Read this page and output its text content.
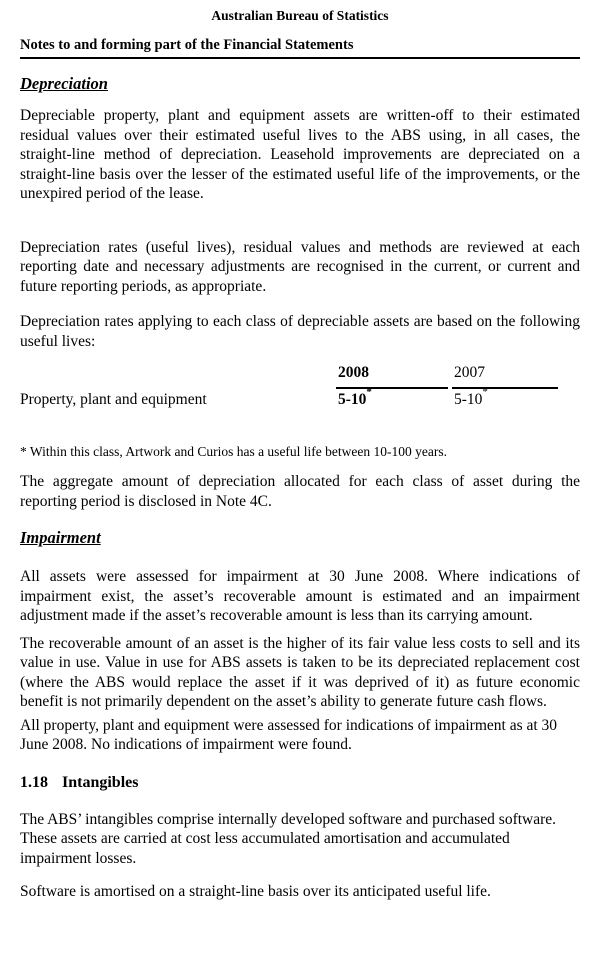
Australian Bureau of Statistics
Notes to and forming part of the Financial Statements
Depreciation

Depreciable property, plant and equipment assets are written-off to their estimated residual values over their estimated useful lives to the ABS using, in all cases, the straight-line method of depreciation. Leasehold improvements are depreciated on a straight-line basis over the lesser of the estimated useful life of the improvements, or the unexpired period of the lease.

Depreciation rates (useful lives), residual values and methods are reviewed at each reporting date and necessary adjustments are recognised in the current, or current and future reporting periods, as appropriate.

Depreciation rates applying to each class of depreciable assets are based on the following useful lives:

Property, plant and equipment
2008
5-10*
2007
5-10*

* Within this class, Artwork and Curios has a useful life between 10-100 years.

The aggregate amount of depreciation allocated for each class of asset during the reporting period is disclosed in Note 4C.

Impairment

All assets were assessed for impairment at 30 June 2008. Where indications of impairment exist, the asset’s recoverable amount is estimated and an impairment adjustment made if the asset’s recoverable amount is less than its carrying amount.

The recoverable amount of an asset is the higher of its fair value less costs to sell and its value in use. Value in use for ABS assets is taken to be its depreciated replacement cost (where the ABS would replace the asset if it was deprived of it) as future economic benefit is not primarily dependent on the asset’s ability to generate future cash flows.

All property, plant and equipment were assessed for indications of impairment as at 30 June 2008. No indications of impairment were found.

1.18 Intangibles

The ABS’ intangibles comprise internally developed software and purchased software. These assets are carried at cost less accumulated amortisation and accumulated impairment losses.

Software is amortised on a straight-line basis over its anticipated useful life.
